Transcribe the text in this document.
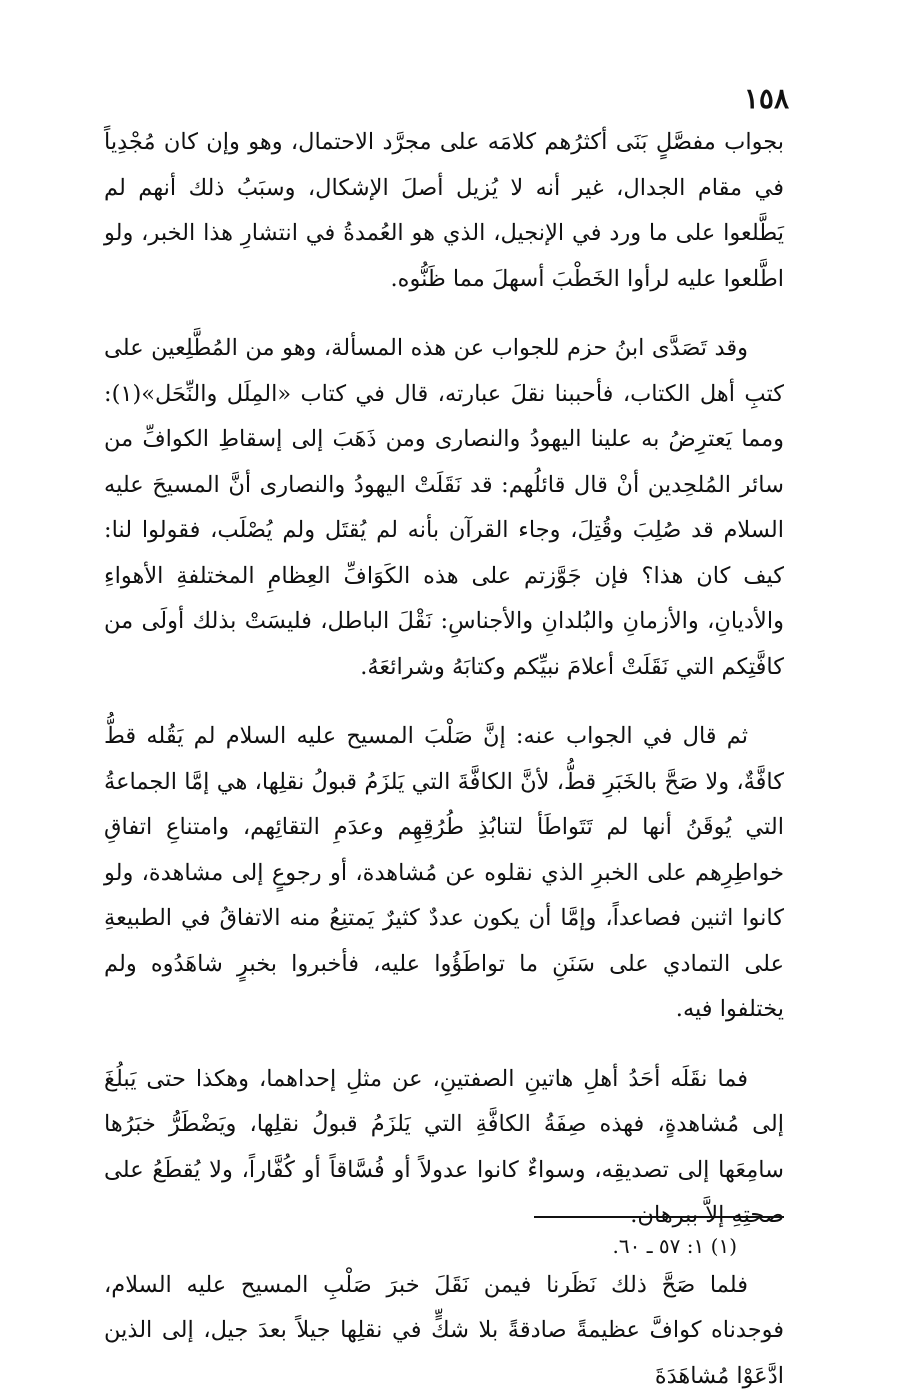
١٥٨

بجواب مفصَّلٍ بَنَى أكثرُهم كلامَه على مجرَّد الاحتمال، وهو وإن كان مُجْدِياً في مقام الجدال، غير أنه لا يُزيل أصلَ الإشكال، وسبَبُ ذلك أنهم لم يَطَّلعوا على ما ورد في الإنجيل، الذي هو العُمدةُ في انتشارِ هذا الخبر، ولو اطَّلعوا عليه لرأوا الخَطْبَ أسهلَ مما ظَنُّوه.

وقد تَصَدَّى ابنُ حزم للجواب عن هذه المسألة، وهو من المُطَّلِعين على كتبِ أهل الكتاب، فأحببنا نقلَ عبارته، قال في كتاب «المِلَل والنِّحَل»(١): ومما يَعترِضُ به علينا اليهودُ والنصارى ومن ذَهَبَ إلى إسقاطِ الكوافِّ من سائر المُلحِدين أنْ قال قائلُهم: قد نَقَلَتْ اليهودُ والنصارى أنَّ المسيحَ عليه السلام قد صُلِبَ وقُتِلَ، وجاء القرآن بأنه لم يُقتَل ولم يُصْلَب، فقولوا لنا: كيف كان هذا؟ فإن جَوَّزتم على هذه الكَوَافِّ العِظامِ المختلفةِ الأهواءِ والأديانِ، والأزمانِ والبُلدانِ والأجناسِ: نَقْلَ الباطل، فليسَتْ بذلك أولَى من كافَّتِكم التي نَقَلَتْ أعلامَ نبيِّكم وكتابَهُ وشرائعَهُ.

ثم قال في الجواب عنه: إنَّ صَلْبَ المسيح عليه السلام لم يَقُله قطُّ كافَّةٌ، ولا صَحَّ بالخَبَرِ قطُّ، لأنَّ الكافَّةَ التي يَلزَمُ قبولُ نقلِها، هي إمَّا الجماعةُ التي يُوقَنُ أنها لم تَتَواطَأ لتنابُذِ طُرُقِهِم وعدَمِ التقائِهم، وامتناعِ اتفاقِ خواطِرِهم على الخبرِ الذي نقلوه عن مُشاهدة، أو رجوعٍ إلى مشاهدة، ولو كانوا اثنين فصاعداً، وإمَّا أن يكون عددٌ كثيرٌ يَمتنِعُ منه الاتفاقُ في الطبيعةِ على التمادي على سَنَنِ ما تواطَؤُوا عليه، فأخبروا بخبرٍ شاهَدُوه ولم يختلفوا فيه.

فما نقَلَه أحَدُ أهلِ هاتينِ الصفتينِ، عن مثلِ إحداهما، وهكذا حتى يَبلُغَ إلى مُشاهدةٍ، فهذه صِفَةُ الكافَّةِ التي يَلزَمُ قبولُ نقلِها، ويَضْطَرُّ خبَرُها سامِعَها إلى تصديقِه، وسواءٌ كانوا عدولاً أو فُسَّاقاً أو كُفَّاراً، ولا يُقطَعُ على صحتِهِ إلاَّ ببرهان.

فلما صَحَّ ذلك نَظَرنا فيمن نَقَلَ خبرَ صَلْبِ المسيح عليه السلام، فوجدناه كوافَّ عظيمةً صادقةً بلا شكٍّ في نقلِها جيلاً بعدَ جيل، إلى الذين ادَّعَوْا مُشاهَدَةَ

(١) ١: ٥٧ ـ ٦٠.
